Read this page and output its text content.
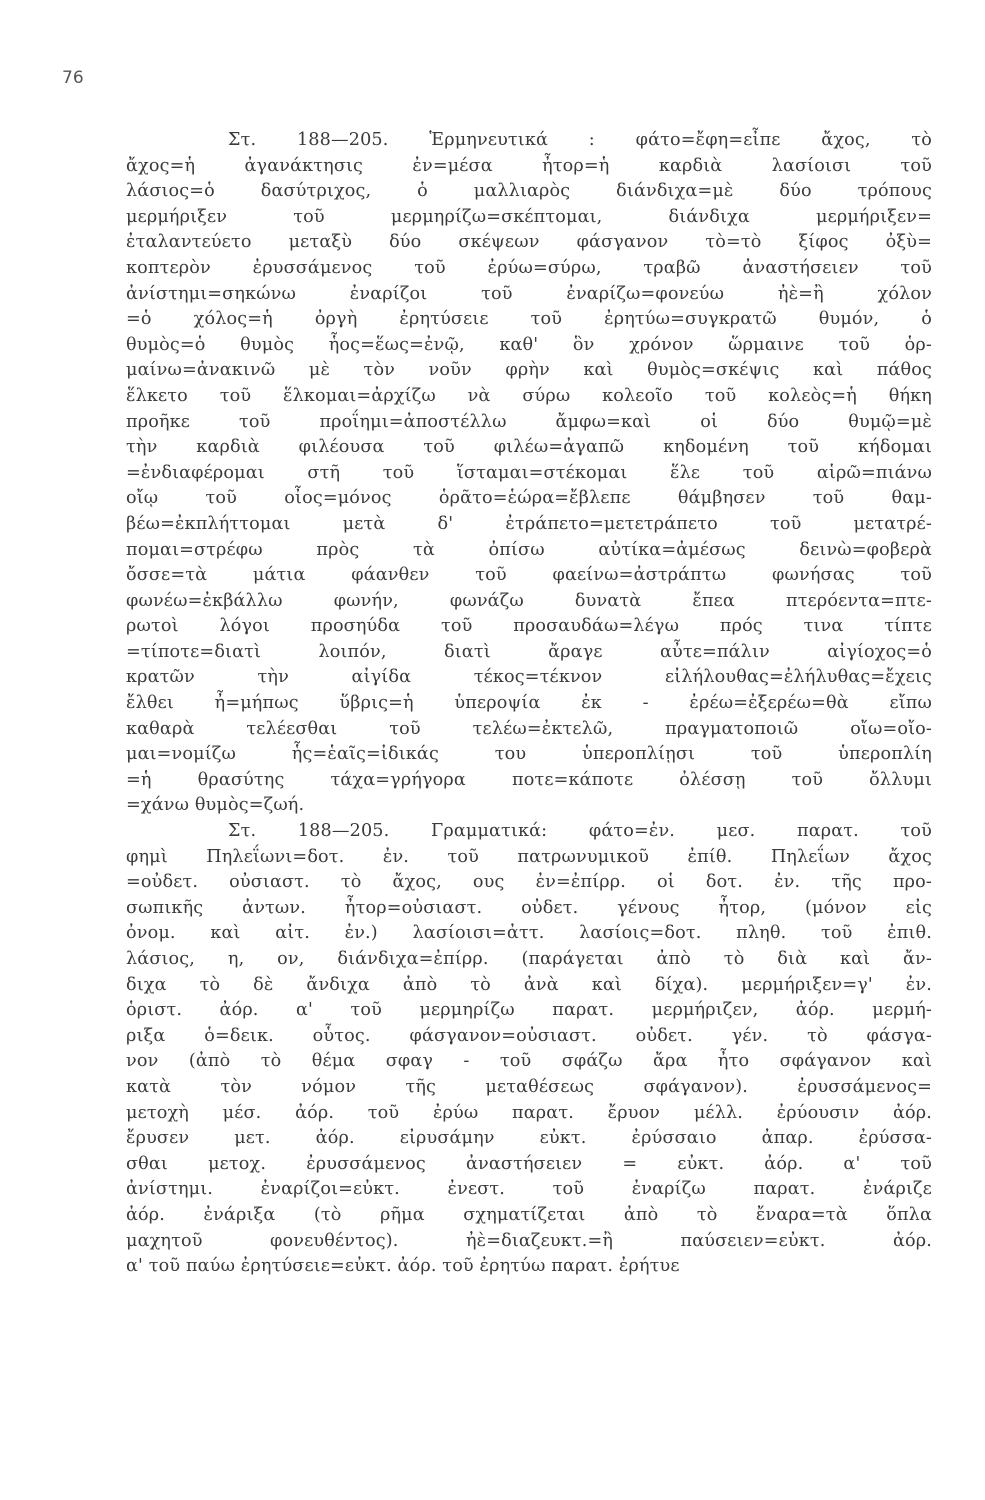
76
Στ. 188—205. Ἑρμηνευτικά : φάτο=ἔφη=εἶπε ἄχος, τὸ
ἄχος=ἡ ἀγανάκτησις ἐν=μέσα ἦτορ=ἡ καρδιὰ λασίοισι τοῦ
λάσιος=ὁ δασύτριχος, ὁ μαλλιαρὸς διάνδιχα=μὲ δύο τρόπους
μερμήριξεν τοῦ μερμηρίζω=σκέπτομαι, διάνδιχα μερμήριξεν=
ἐταλαντεύετο μεταξὺ δύο σκέψεων φάσγανον τὸ=τὸ ξίφος ὀξὺ=
κοπτερὸν ἐρυσσάμενος τοῦ ἐρύω=σύρω, τραβῶ ἀναστήσειεν τοῦ
ἀνίστημι=σηκώνω ἐναρίζοι τοῦ ἐναρίζω=φονεύω ἠὲ=ἢ χόλον
=ὁ χόλος=ἡ ὀργὴ ἐρητύσειε τοῦ ἐρητύω=συγκρατῶ θυμόν, ὁ
θυμὸς=ὁ θυμὸς ἧος=ἕως=ἐνῷ, καθ' ὃν χρόνον ὥρμαινε τοῦ ὁρ-
μαίνω=ἀνακινῶ μὲ τὸν νοῦν φρὴν καὶ θυμὸς=σκέψις καὶ πάθος
ἕλκετο τοῦ ἕλκομαι=ἀρχίζω νὰ σύρω κολεοῖο τοῦ κολεὸς=ἡ θήκη
προῆκε τοῦ προΐημι=ἀποστέλλω ἄμφω=καὶ οἱ δύο θυμῷ=μὲ
τὴν καρδιὰ φιλέουσα τοῦ φιλέω=ἀγαπῶ κηδομένη τοῦ κήδομαι
=ἐνδιαφέρομαι στῆ τοῦ ἵσταμαι=στέκομαι ἕλε τοῦ αἱρῶ=πιάνω
οἴῳ τοῦ οἶος=μόνος ὁρᾶτο=ἑώρα=ἔβλεπε θάμβησεν τοῦ θαμ-
βέω=ἐκπλήττομαι μετὰ δ' ἐτράπετο=μετετράπετο τοῦ μετατρέ-
πομαι=στρέφω πρὸς τὰ ὀπίσω αὐτίκα=ἀμέσως δεινὼ=φοβερὰ
ὄσσε=τὰ μάτια φάανθεν τοῦ φαείνω=ἀστράπτω φωνήσας τοῦ
φωνέω=ἐκβάλλω φωνήν, φωνάζω δυνατὰ ἔπεα πτερόεντα=πτε-
ρωτοὶ λόγοι προσηύδα τοῦ προσαυδάω=λέγω πρός τινα τίπτε
=τίποτε=διατὶ λοιπόν, διατὶ ἄραγε αὖτε=πάλιν αἰγίοχος=ὁ
κρατῶν τὴν αἰγίδα τέκος=τέκνον εἰλήλουθας=ἐλήλυθας=ἔχεις
ἔλθει ἦ=μήπως ὕβρις=ἡ ὑπεροψία ἐκ - ἐρέω=ἐξερέω=θὰ εἴπω
καθαρὰ τελέεσθαι τοῦ τελέω=ἐκτελῶ, πραγματοποιῶ οἴω=οἴο-
μαι=νομίζω ἧς=ἑαῖς=ἰδικάς του ὑπεροπλίῃσι τοῦ ὑπεροπλίη
=ἡ θρασύτης τάχα=γρήγορα ποτε=κάποτε ὀλέσσῃ τοῦ ὄλλυμι
=χάνω θυμὸς=ζωή.
Στ. 188—205. Γραμματικά: φάτο=ἐν. μεσ. παρατ. τοῦ
φημὶ Πηλεΐωνι=δοτ. ἐν. τοῦ πατρωνυμικοῦ ἐπίθ. Πηλεΐων ἄχος
=οὐδετ. οὐσιαστ. τὸ ἄχος, ους ἐν=ἐπίρρ. οἱ δοτ. ἐν. τῆς προ-
σωπικῆς ἀντων. ἦτορ=οὐσιαστ. οὐδετ. γένους ἦτορ, (μόνον εἰς
ὀνομ. καὶ αἰτ. ἐν.) λασίοισι=ἀττ. λασίοις=δοτ. πληθ. τοῦ ἐπιθ.
λάσιος, η, ον, διάνδιχα=ἐπίρρ. (παράγεται ἀπὸ τὸ διὰ καὶ ἄν-
διχα τὸ δὲ ἄνδιχα ἀπὸ τὸ ἀνὰ καὶ δίχα). μερμήριξεν=γ' ἐν.
ὁριστ. ἀόρ. α' τοῦ μερμηρίζω παρατ. μερμήριζεν, ἀόρ. μερμή-
ριξα ὁ=δεικ. οὗτος. φάσγανον=οὐσιαστ. οὐδετ. γέν. τὸ φάσγα-
νον (ἀπὸ τὸ θέμα σφαγ - τοῦ σφάζω ἄρα ἦτο σφάγανον καὶ
κατὰ τὸν νόμον τῆς μεταθέσεως σφάγανον). ἐρυσσάμενος=
μετοχὴ μέσ. ἀόρ. τοῦ ἐρύω παρατ. ἔρυον μέλλ. ἐρύουσιν ἀόρ.
ἔρυσεν μετ. ἀόρ. εἰρυσάμην εὐκτ. ἐρύσσαιο ἀπαρ. ἐρύσσα-
σθαι μετοχ. ἐρυσσάμενος ἀναστήσειεν = εὐκτ. ἀόρ. α' τοῦ
ἀνίστημι. ἐναρίζοι=εὐκτ. ἐνεστ. τοῦ ἐναρίζω παρατ. ἐνάριζε
ἀόρ. ἐνάριξα (τὸ ρῆμα σχηματίζεται ἀπὸ τὸ ἔναρα=τὰ ὅπλα
μαχητοῦ φονευθέντος). ἠὲ=διαζευκτ.=ἢ παύσειεν=εὐκτ. ἀόρ.
α' τοῦ παύω ἐρητύσειε=εὐκτ. ἀόρ. τοῦ ἐρητύω παρατ. ἐρήτυε
